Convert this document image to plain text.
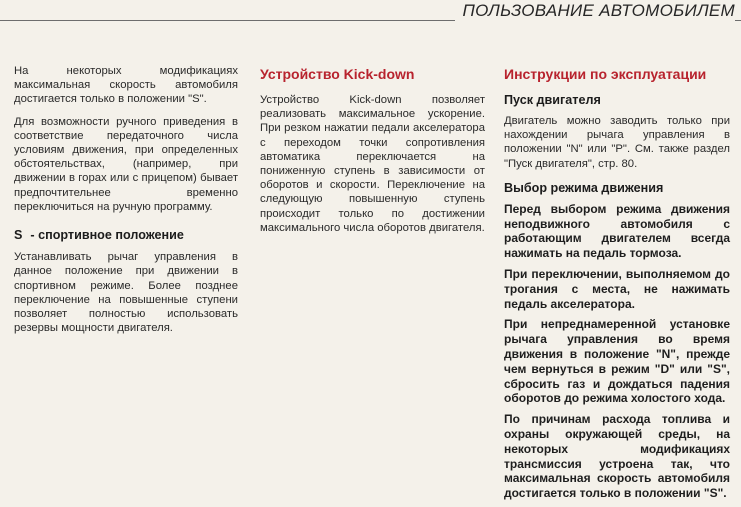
ПОЛЬЗОВАНИЕ АВТОМОБИЛЕМ

На некоторых модификациях максимальная скорость автомобиля достигается только в положении "S".

Для возможности ручного приведения в соответствие передаточного числа условиям движения, при определенных обстоятельствах, (например, при движении в горах или с прицепом) бывает предпочтительнее временно переключиться на ручную программу.

S - спортивное положение

Устанавливать рычаг управления в данное положение при движении в спортивном режиме. Более позднее переключение на повышенные ступени позволяет полностью использовать резервы мощности двигателя.

Устройство Kick-down

Устройство Kick-down позволяет реализовать максимальное ускорение. При резком нажатии педали акселератора с переходом точки сопротивления автоматика переключается на пониженную ступень в зависимости от оборотов и скорости. Переключение на следующую повышенную ступень происходит только по достижении максимального числа оборотов двигателя.

Инструкции по эксплуатации
Пуск двигателя

Двигатель можно заводить только при нахождении рычага управления в положении "N" или "P". См. также раздел "Пуск двигателя", стр. 80.

Выбор режима движения

Перед выбором режима движения неподвижного автомобиля с работающим двигателем всегда нажимать на педаль тормоза.

При переключении, выполняемом до трогания с места, не нажимать педаль акселератора.

При непреднамеренной установке рычага управления во время движения в положение "N", прежде чем вернуться в режим "D" или "S", сбросить газ и дождаться падения оборотов до режима холостого хода.

По причинам расхода топлива и охраны окружающей среды, на некоторых модификациях трансмиссия устроена так, что максимальная скорость автомобиля достигается только в положении "S".
